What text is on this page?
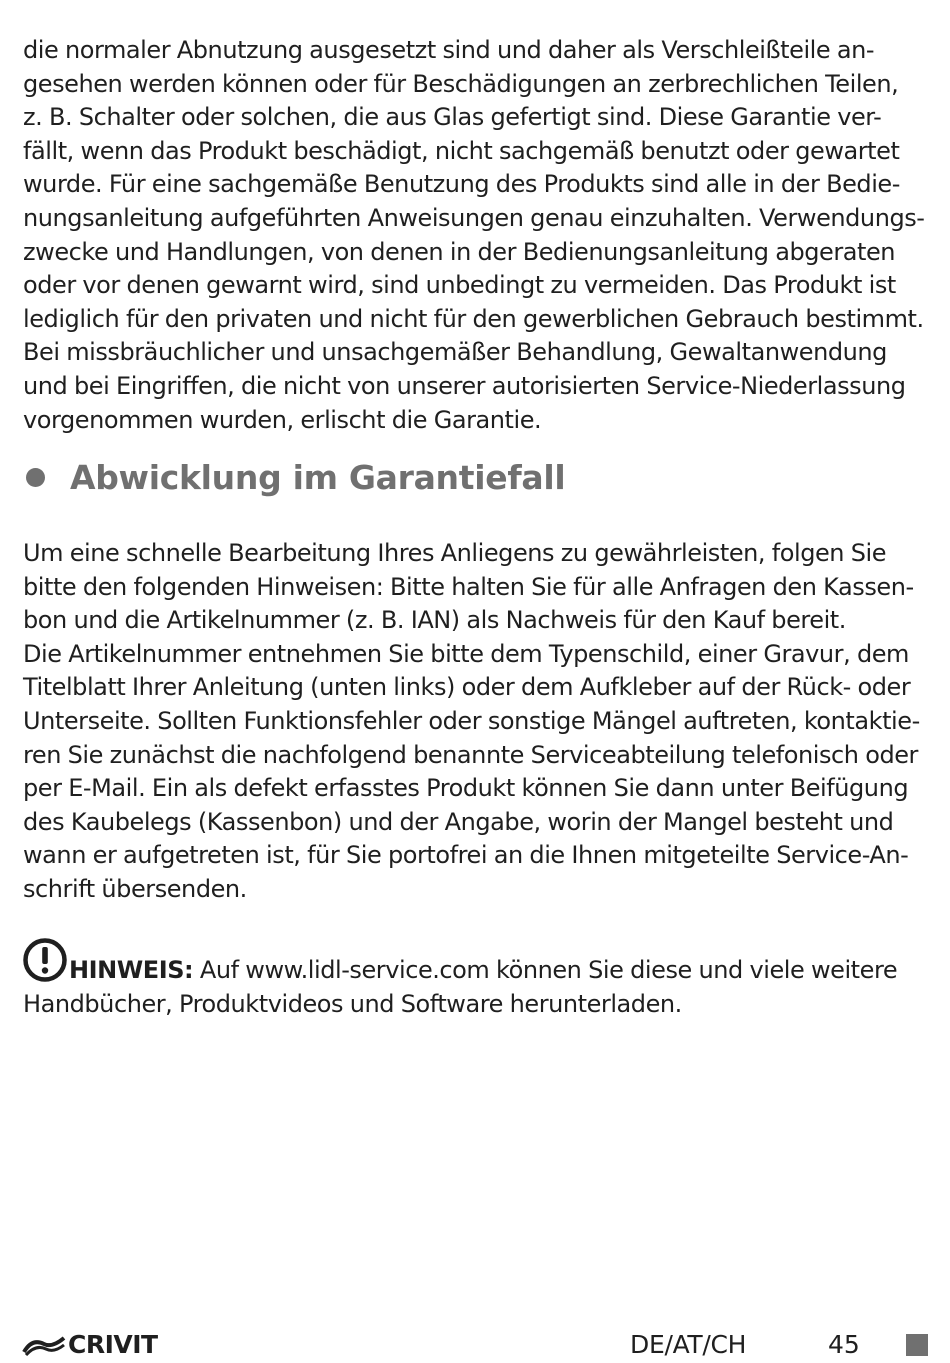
die normaler Abnutzung ausgesetzt sind und daher als Verschleißteile an-
gesehen werden können oder für Beschädigungen an zerbrechlichen Teilen,
z. B. Schalter oder solchen, die aus Glas gefertigt sind. Diese Garantie ver-
fällt, wenn das Produkt beschädigt, nicht sachgemäß benutzt oder gewartet
wurde. Für eine sachgemäße Benutzung des Produkts sind alle in der Bedie-
nungsanleitung aufgeführten Anweisungen genau einzuhalten. Verwendungs-
zwecke und Handlungen, von denen in der Bedienungsanleitung abgeraten
oder vor denen gewarnt wird, sind unbedingt zu vermeiden. Das Produkt ist
lediglich für den privaten und nicht für den gewerblichen Gebrauch bestimmt.
Bei missbräuchlicher und unsachgemäßer Behandlung, Gewaltanwendung
und bei Eingriffen, die nicht von unserer autorisierten Service-Niederlassung
vorgenommen wurden, erlischt die Garantie.
Abwicklung im Garantiefall
Um eine schnelle Bearbeitung Ihres Anliegens zu gewährleisten, folgen Sie
bitte den folgenden Hinweisen: Bitte halten Sie für alle Anfragen den Kassen-
bon und die Artikelnummer (z. B. IAN) als Nachweis für den Kauf bereit.
Die Artikelnummer entnehmen Sie bitte dem Typenschild, einer Gravur, dem
Titelblatt Ihrer Anleitung (unten links) oder dem Aufkleber auf der Rück- oder
Unterseite. Sollten Funktionsfehler oder sonstige Mängel auftreten, kontaktie-
ren Sie zunächst die nachfolgend benannte Serviceabteilung telefonisch oder
per E-Mail. Ein als defekt erfasstes Produkt können Sie dann unter Beifügung
des Kaubelegs (Kassenbon) und der Angabe, worin der Mangel besteht und
wann er aufgetreten ist, für Sie portofrei an die Ihnen mitgeteilte Service-An-
schrift übersenden.
HINWEIS: Auf www.lidl-service.com können Sie diese und viele weitere
Handbücher, Produktvideos und Software herunterladen.
CRIVIT	DE/AT/CH	45
